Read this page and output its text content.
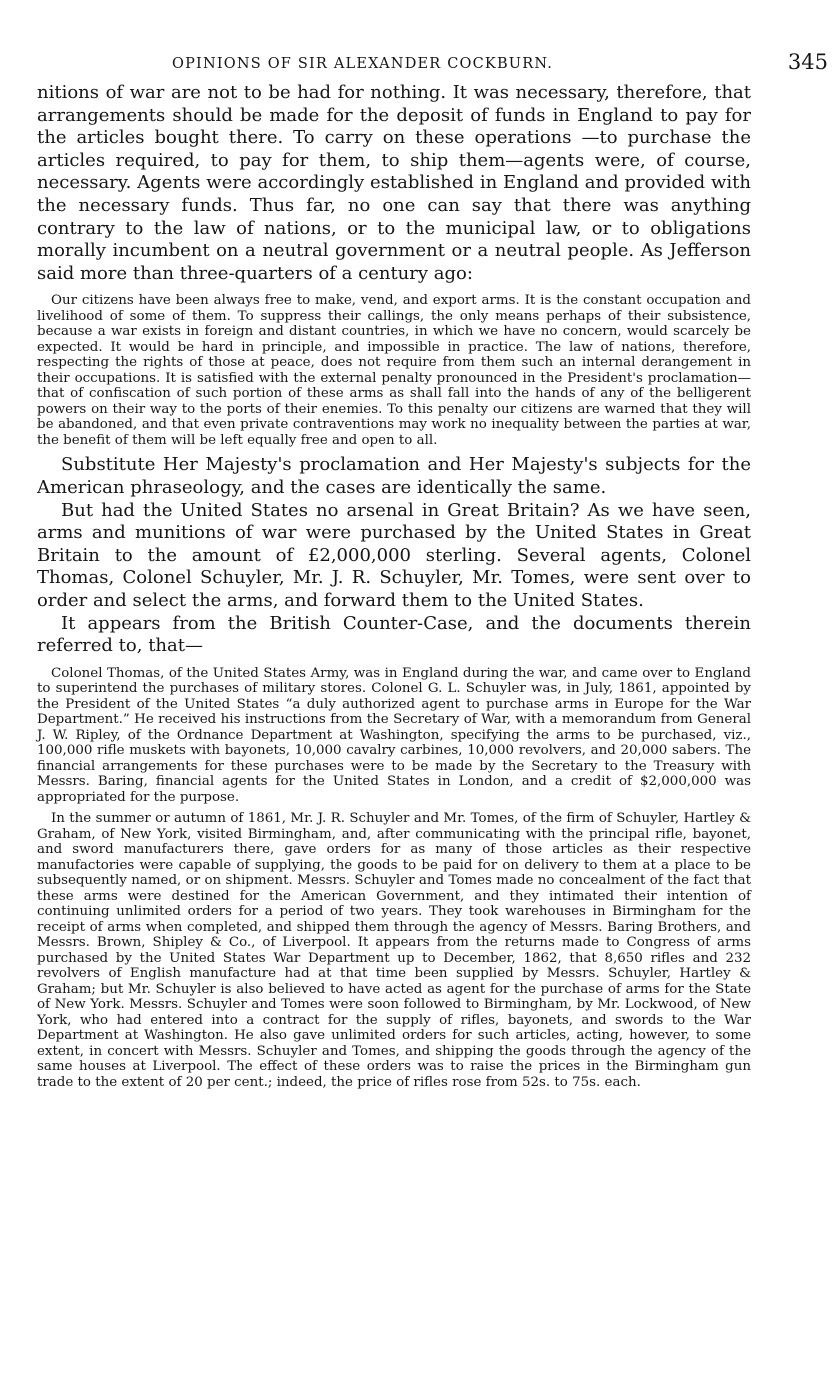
OPINIONS OF SIR ALEXANDER COCKBURN.	345

nitions of war are not to be had for nothing. It was necessary, therefore, that arrangements should be made for the deposit of funds in England to pay for the articles bought there. To carry on these operations —to purchase the articles required, to pay for them, to ship them—agents were, of course, necessary. Agents were accordingly established in England and provided with the necessary funds. Thus far, no one can say that there was anything contrary to the law of nations, or to the municipal law, or to obligations morally incumbent on a neutral government or a neutral people. As Jefferson said more than three-quarters of a century ago:

Our citizens have been always free to make, vend, and export arms. It is the constant occupation and livelihood of some of them. To suppress their callings, the only means perhaps of their subsistence, because a war exists in foreign and distant countries, in which we have no concern, would scarcely be expected. It would be hard in principle, and impossible in practice. The law of nations, therefore, respecting the rights of those at peace, does not require from them such an internal derangement in their occupations. It is satisfied with the external penalty pronounced in the President's proclamation—that of confiscation of such portion of these arms as shall fall into the hands of any of the belligerent powers on their way to the ports of their enemies. To this penalty our citizens are warned that they will be abandoned, and that even private contraventions may work no inequality between the parties at war, the benefit of them will be left equally free and open to all.

Substitute Her Majesty's proclamation and Her Majesty's subjects for the American phraseology, and the cases are identically the same.

But had the United States no arsenal in Great Britain? As we have seen, arms and munitions of war were purchased by the United States in Great Britain to the amount of £2,000,000 sterling. Several agents, Colonel Thomas, Colonel Schuyler, Mr. J. R. Schuyler, Mr. Tomes, were sent over to order and select the arms, and forward them to the United States.

It appears from the British Counter-Case, and the documents therein referred to, that—

Colonel Thomas, of the United States Army, was in England during the war, and came over to England to superintend the purchases of military stores. Colonel G. L. Schuyler was, in July, 1861, appointed by the President of the United States “a duly authorized agent to purchase arms in Europe for the War Department.” He received his instructions from the Secretary of War, with a memorandum from General J. W. Ripley, of the Ordnance Department at Washington, specifying the arms to be purchased, viz., 100,000 rifle muskets with bayonets, 10,000 cavalry carbines, 10,000 revolvers, and 20,000 sabers. The financial arrangements for these purchases were to be made by the Secretary to the Treasury with Messrs. Baring, financial agents for the United States in London, and a credit of $2,000,000 was appropriated for the purpose.

In the summer or autumn of 1861, Mr. J. R. Schuyler and Mr. Tomes, of the firm of Schuyler, Hartley & Graham, of New York, visited Birmingham, and, after communicating with the principal rifle, bayonet, and sword manufacturers there, gave orders for as many of those articles as their respective manufactories were capable of supplying, the goods to be paid for on delivery to them at a place to be subsequently named, or on shipment. Messrs. Schuyler and Tomes made no concealment of the fact that these arms were destined for the American Government, and they intimated their intention of continuing unlimited orders for a period of two years. They took warehouses in Birmingham for the receipt of arms when completed, and shipped them through the agency of Messrs. Baring Brothers, and Messrs. Brown, Shipley & Co., of Liverpool. It appears from the returns made to Congress of arms purchased by the United States War Department up to December, 1862, that 8,650 rifles and 232 revolvers of English manufacture had at that time been supplied by Messrs. Schuyler, Hartley & Graham; but Mr. Schuyler is also believed to have acted as agent for the purchase of arms for the State of New York. Messrs. Schuyler and Tomes were soon followed to Birmingham, by Mr. Lockwood, of New York, who had entered into a contract for the supply of rifles, bayonets, and swords to the War Department at Washington. He also gave unlimited orders for such articles, acting, however, to some extent, in concert with Messrs. Schuyler and Tomes, and shipping the goods through the agency of the same houses at Liverpool. The effect of these orders was to raise the prices in the Birmingham gun trade to the extent of 20 per cent.; indeed, the price of rifles rose from 52s. to 75s. each.
